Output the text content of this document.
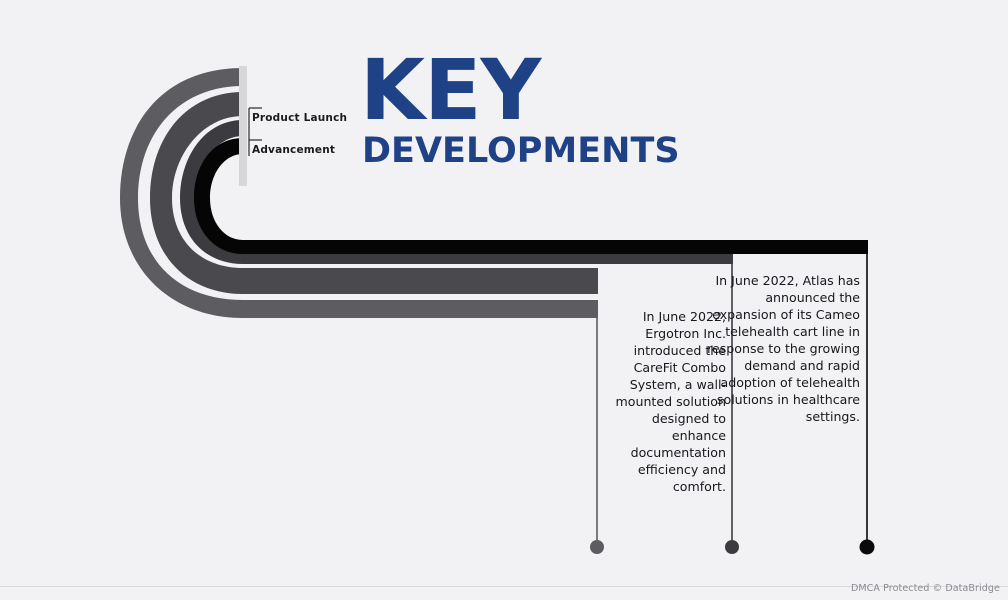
KEY
DEVELOPMENTS
Product Launch
Advancement
In June 2022, Ergotron Inc. introduced the CareFit Combo System, a wall-mounted solution designed to enhance documentation efficiency and comfort.
In June 2022, Atlas has announced the expansion of its Cameo telehealth cart line in response to the growing demand and rapid adoption of telehealth solutions in healthcare settings.
DMCA Protected © DataBridge
